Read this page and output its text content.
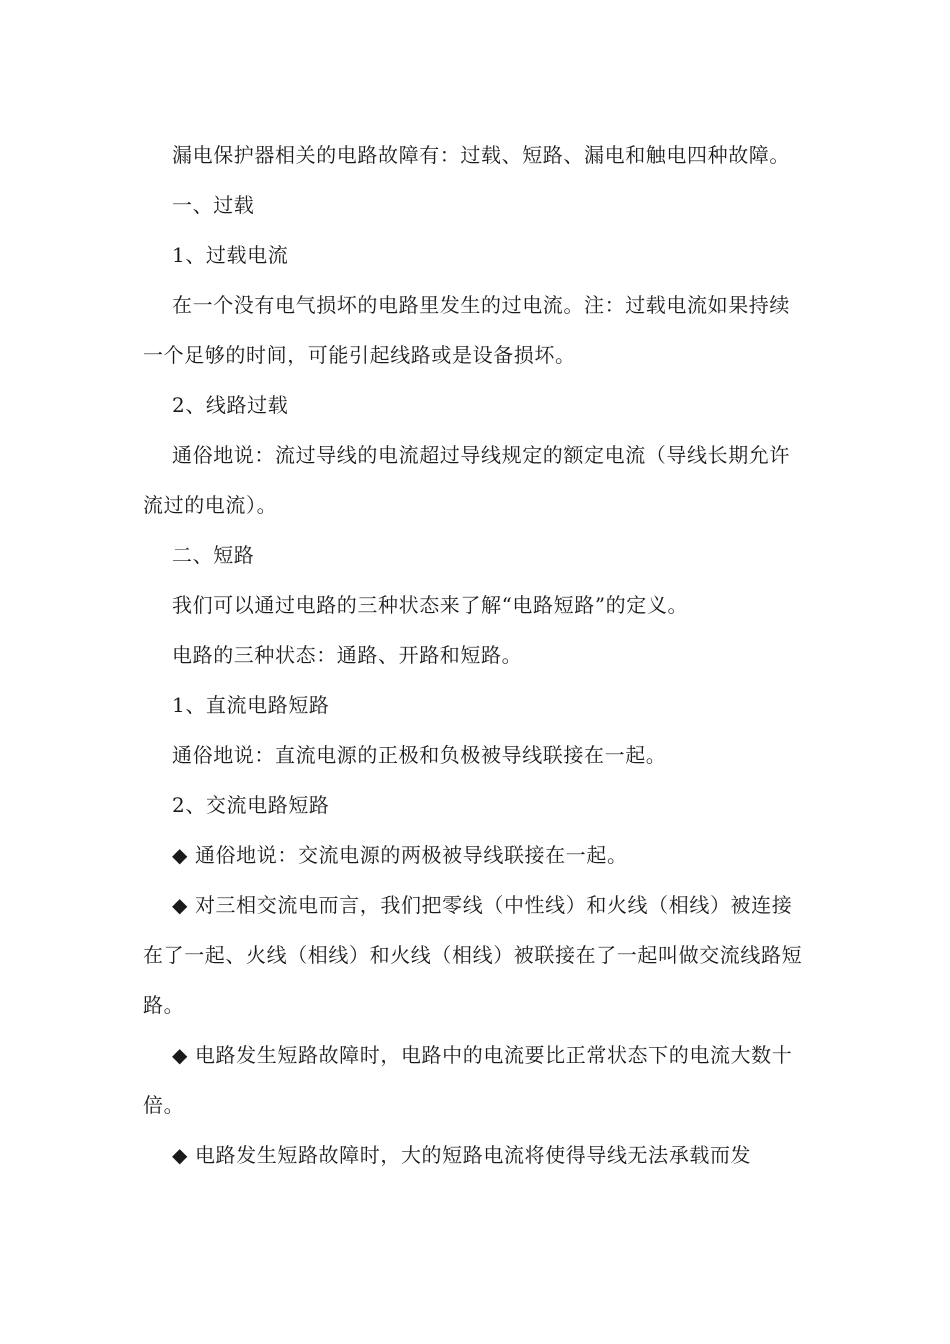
漏电保护器相关的电路故障有：过载、短路、漏电和触电四种故障。

一、过载

1、过载电流

在一个没有电气损坏的电路里发生的过电流。注：过载电流如果持续一个足够的时间，可能引起线路或是设备损坏。

2、线路过载

通俗地说：流过导线的电流超过导线规定的额定电流（导线长期允许流过的电流）。

二、短路

我们可以通过电路的三种状态来了解“电路短路”的定义。

电路的三种状态：通路、开路和短路。

1、直流电路短路

通俗地说：直流电源的正极和负极被导线联接在一起。

2、交流电路短路

◆ 通俗地说：交流电源的两极被导线联接在一起。

◆ 对三相交流电而言，我们把零线（中性线）和火线（相线）被连接在了一起、火线（相线）和火线（相线）被联接在了一起叫做交流线路短路。

◆ 电路发生短路故障时，电路中的电流要比正常状态下的电流大数十倍。

◆ 电路发生短路故障时，大的短路电流将使得导线无法承载而发
